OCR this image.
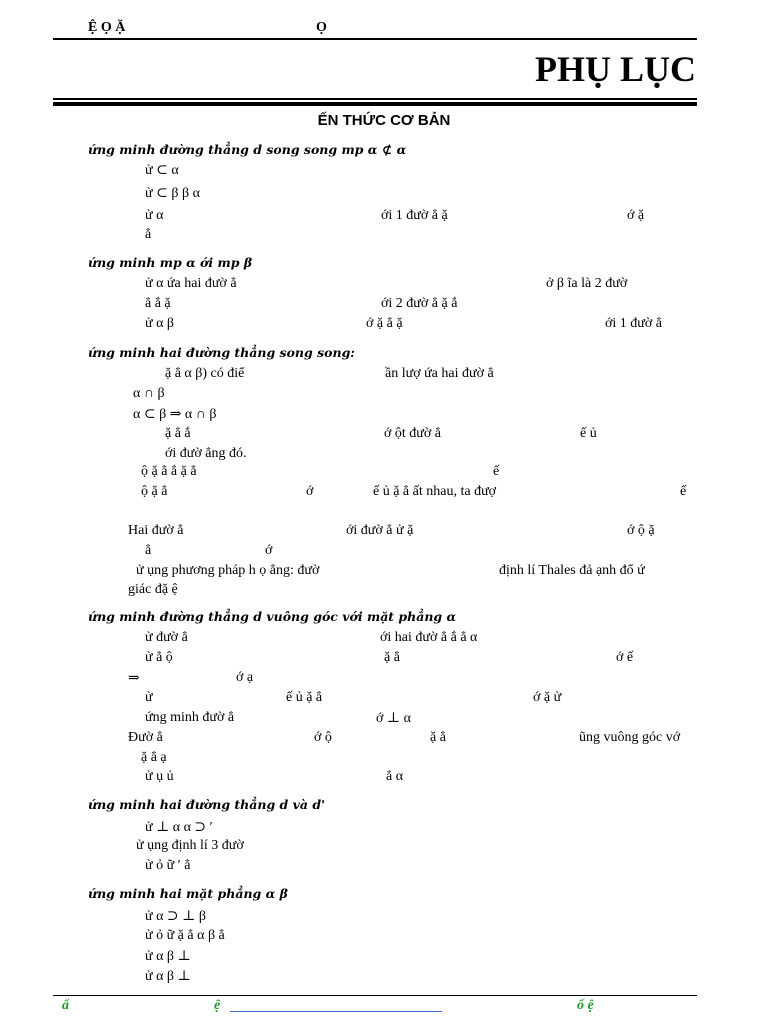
Ệ Ọ Ặ	Ọ
PHỤ LỤC
ẾN THỨC CƠ BẢN
ứng minh đường thẳng d song song mp α ⊄ α
ử ⊂ α
ử ⊂ β β α
ử α	ới 1 đườ ẳ ặ	ớ ặ
ẳ
ứng minh mp α ới mp β
ử α ứa hai đườ ẳ	ở β ĩa là 2 đườ
ẳ ắ ặ	ới 2 đườ ẳ ặ ắ
ử α β	ớ ặ ẳ ặ	ới 1 đườ ẳ
ứng minh hai đường thẳng song song:
ặ ẳ α β) có điể	ần lượ ứa hai đườ ẳ
α ∩ β
α ⊂ β ⇒ α ∩ β
ặ ẳ ắ	ớ ột đườ ẳ	ế ủ
ới đườ ẳng đó.
ộ ặ ẳ ắ ặ ẳ	ế
ộ ặ ẳ	ớ	ế ủ ặ ẳ ất nhau, ta đượ	ế
Hai đườ ẳ	ới đườ ẳ ử ặ	ớ ộ ặ
ẳ	ớ
ử ụng phương pháp h ọ ẳng: đườ	định lí Thales đả ạnh đổ ứ
giác đặ ệ
ứng minh đường thẳng d vuông góc với mặt phẳng α
ử đườ ẳ	ới hai đườ ẳ ắ ẳ α
ử ẳ ộ	ặ ẳ	ớ ế
⇒	ớ ạ
ử	ế ủ ặ ẳ	ớ ặ ử
ứng minh đườ ẳ	ớ ⊥ α
Đườ ẳ	ớ ộ	ặ ẳ	ũng vuông góc vớ
ặ ẳ ạ
ử ụ ủ	ẳ α
ứng minh hai đường thẳng d và d'
ử ⊥ α α ⊃ ′
ử ụng định lí 3 đườ
ử ỏ ữ ′ ẳ
ứng minh hai mặt phẳng α β
ử α ⊃ ⊥ β
ử ỏ ữ ặ ẳ α β ẳ
ử α β ⊥
ử α β ⊥
ấ	ệ	ố ệ
